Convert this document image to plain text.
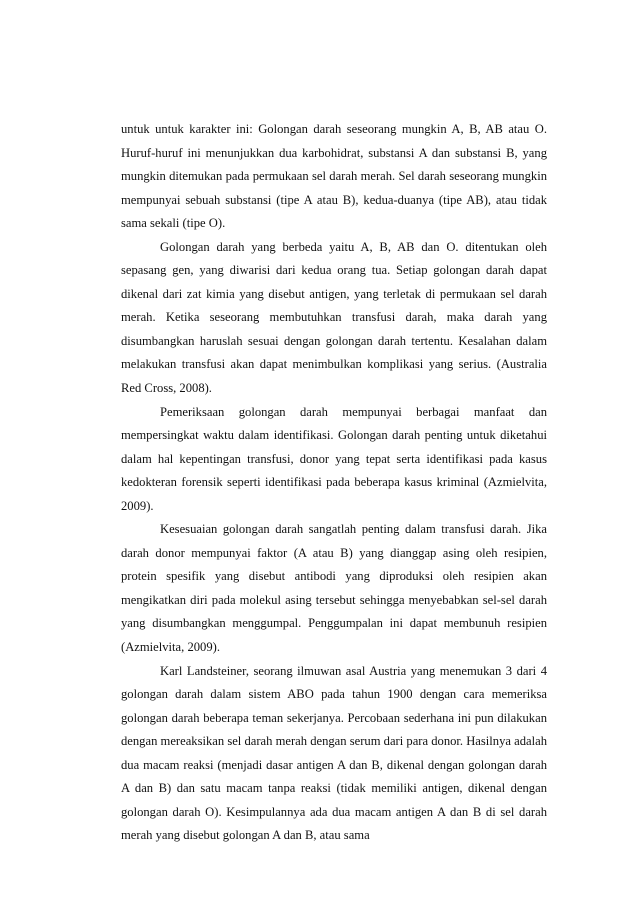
untuk untuk karakter ini: Golongan darah seseorang mungkin A, B, AB atau O. Huruf-huruf ini menunjukkan dua karbohidrat, substansi A dan substansi B, yang mungkin ditemukan pada permukaan sel darah merah. Sel darah seseorang mungkin mempunyai sebuah substansi (tipe A atau B), kedua-duanya (tipe AB), atau tidak sama sekali (tipe O).

Golongan darah yang berbeda yaitu A, B, AB dan O. ditentukan oleh sepasang gen, yang diwarisi dari kedua orang tua. Setiap golongan darah dapat dikenal dari zat kimia yang disebut antigen, yang terletak di permukaan sel darah merah. Ketika seseorang membutuhkan transfusi darah, maka darah yang disumbangkan haruslah sesuai dengan golongan darah tertentu. Kesalahan dalam melakukan transfusi akan dapat menimbulkan komplikasi yang serius. (Australia Red Cross, 2008).

Pemeriksaan golongan darah mempunyai berbagai manfaat dan mempersingkat waktu dalam identifikasi. Golongan darah penting untuk diketahui dalam hal kepentingan transfusi, donor yang tepat serta identifikasi pada kasus kedokteran forensik seperti identifikasi pada beberapa kasus kriminal (Azmielvita, 2009).

Kesesuaian golongan darah sangatlah penting dalam transfusi darah. Jika darah donor mempunyai faktor (A atau B) yang dianggap asing oleh resipien, protein spesifik yang disebut antibodi yang diproduksi oleh resipien akan mengikatkan diri pada molekul asing tersebut sehingga menyebabkan sel-sel darah yang disumbangkan menggumpal. Penggumpalan ini dapat membunuh resipien (Azmielvita, 2009).

Karl Landsteiner, seorang ilmuwan asal Austria yang menemukan 3 dari 4 golongan darah dalam sistem ABO pada tahun 1900 dengan cara memeriksa golongan darah beberapa teman sekerjanya. Percobaan sederhana ini pun dilakukan dengan mereaksikan sel darah merah dengan serum dari para donor. Hasilnya adalah dua macam reaksi (menjadi dasar antigen A dan B, dikenal dengan golongan darah A dan B) dan satu macam tanpa reaksi (tidak memiliki antigen, dikenal dengan golongan darah O). Kesimpulannya ada dua macam antigen A dan B di sel darah merah yang disebut golongan A dan B, atau sama
